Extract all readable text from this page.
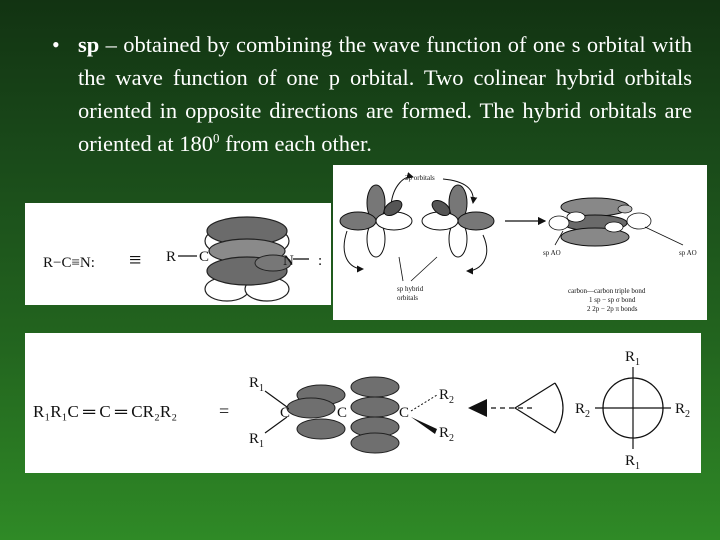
• sp – obtained by combining the wave function of one s orbital with the wave function of one p orbital. Two colinear hybrid orbitals oriented in opposite directions are formed. The hybrid orbitals are oriented at $180^0$ from each other.
R−C≡N: ≡ R C	N :
2p orbitals
sp hybrid orbitals
sp AO	sp AO
carbon—carbon triple bond
1 sp − sp σ bond
2 2p − 2p π bonds
R₁R₁C ═ C ═ CR₂R₂ =
$R_1$
$R_1$
C	C	C
$R_2$
$R_2$
$R_1$
$R_1$
$R_2$	$R_2$
